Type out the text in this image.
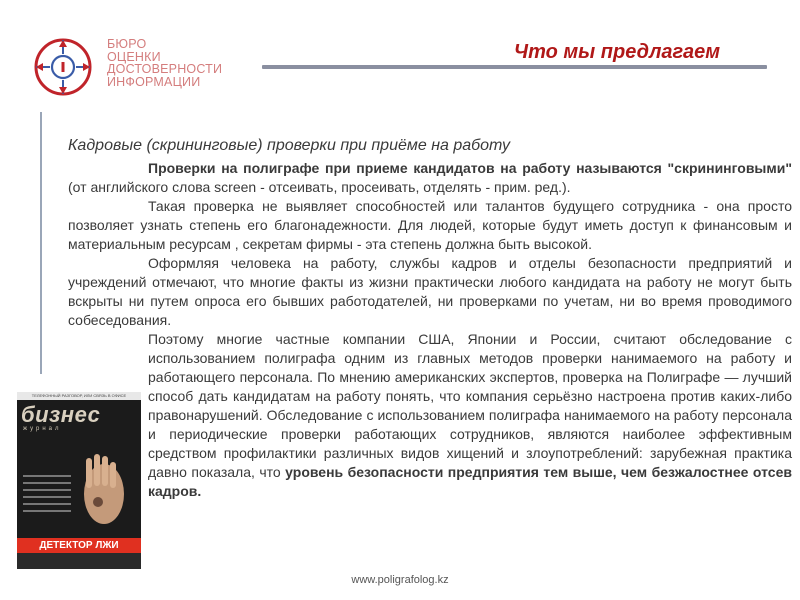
БЮРО
ОЦЕНКИ
ДОСТОВЕРНОСТИ
ИНФОРМАЦИИ
Что мы предлагаем
Кадровые (скрининговые) проверки при приёме на работу

Проверки на полиграфе при приеме кандидатов на работу называются "скрининговыми" (от английского слова screen - отсеивать, просеивать, отделять - прим. ред.).

Такая проверка не выявляет способностей или талантов будущего сотрудника - она просто позволяет узнать степень его благонадежности. Для людей, которые будут иметь доступ к финансовым и материальным ресурсам , секретам фирмы - эта степень должна быть высокой.

Оформляя человека на работу, службы кадров и отделы безопасности предприятий и учреждений отмечают, что многие факты из жизни практически любого кандидата на работу не могут быть вскрыты ни путем опроса его бывших работодателей, ни проверками по учетам, ни во время проводимого собеседования.

Поэтому многие частные компании США, Японии и России, считают обследование с использованием полиграфа одним из главных методов проверки нанимаемого на работу и работающего персонала. По мнению американских экспертов, проверка на Полиграфе — лучший способ дать кандидатам на работу понять, что компания серьёзно настроена против каких-либо правонарушений. Обследование с использованием полиграфа нанимаемого на работу персонала и периодические проверки работающих сотрудников, являются наиболее эффективным средством профилактики различных видов хищений и злоупотреблений: зарубежная практика давно показала, что уровень безопасности предприятия тем выше, чем безжалостнее отсев кадров.

ТЕЛЕФОННЫЙ РАЗГОВОР, ИЛИ СВЯЗЬ В ОФИСЕ
бизнес
журнал
ДЕТЕКТОР ЛЖИ
www.poligrafolog.kz
